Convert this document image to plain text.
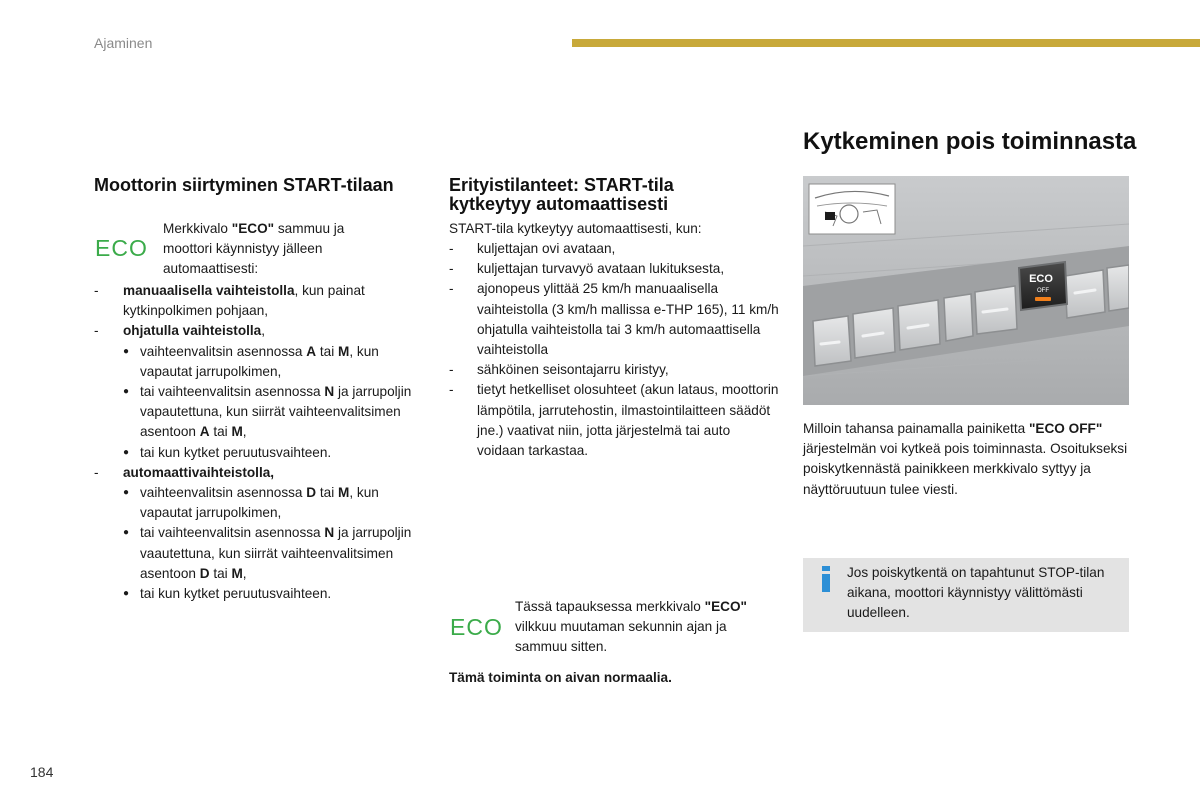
Ajaminen
Moottorin siirtyminen START-tilaan
ECO
Merkkivalo "ECO" sammuu ja moottori käynnistyy jälleen automaattisesti:
- manuaalisella vaihteistolla, kun painat kytkinpolkimen pohjaan,
- ohjatulla vaihteistolla,
● vaihteenvalitsin asennossa A tai M, kun vapautat jarrupolkimen,
● tai vaihteenvalitsin asennossa N ja jarrupoljin vapautettuna, kun siirrät vaihteenvalitsimen asentoon A tai M,
● tai kun kytket peruutusvaihteen.
- automaattivaihteistolla,
● vaihteenvalitsin asennossa D tai M, kun vapautat jarrupolkimen,
● tai vaihteenvalitsin asennossa N ja jarrupoljin vaautettuna, kun siirrät vaihteenvalitsimen asentoon D tai M,
● tai kun kytket peruutusvaihteen.
Erityistilanteet: START-tila kytkeytyy automaattisesti
START-tila kytkeytyy automaattisesti, kun:
- kuljettajan ovi avataan,
- kuljettajan turvavyö avataan lukituksesta,
- ajonopeus ylittää 25 km/h manuaalisella vaihteistolla (3 km/h mallissa e-THP 165), 11 km/h ohjatulla vaihteistolla tai 3 km/h automaattisella vaihteistolla
- sähköinen seisontajarru kiristyy,
- tietyt hetkelliset olosuhteet (akun lataus, moottorin lämpötila, jarrutehostin, ilmastointilaitteen säädöt jne.) vaativat niin, jotta järjestelmä tai auto voidaan tarkastaa.
ECO
Tässä tapauksessa merkkivalo "ECO" vilkkuu muutaman sekunnin ajan ja sammuu sitten.
Tämä toiminta on aivan normaalia.
Kytkeminen pois toiminnasta
ECO
OFF
Milloin tahansa painamalla painiketta "ECO OFF" järjestelmän voi kytkeä pois toiminnasta. Osoitukseksi poiskytkennästä painikkeen merkkivalo syttyy ja näyttöruutuun tulee viesti.
Jos poiskytkentä on tapahtunut STOP-tilan aikana, moottori käynnistyy välittömästi uudelleen.
184
